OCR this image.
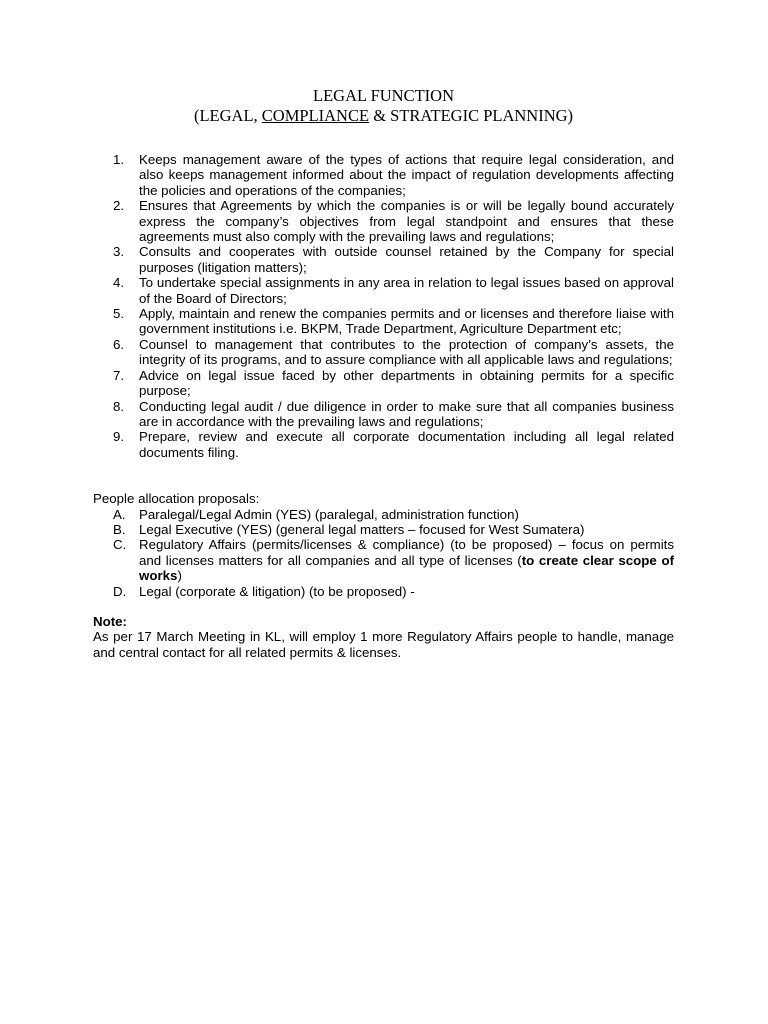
LEGAL FUNCTION
(LEGAL, COMPLIANCE & STRATEGIC PLANNING)

1.	Keeps management aware of the types of actions that require legal consideration, and also keeps management informed about the impact of regulation developments affecting the policies and operations of the companies;
2.	Ensures that Agreements by which the companies is or will be legally bound accurately express the company’s objectives from legal standpoint and ensures that these agreements must also comply with the prevailing laws and regulations;
3.	Consults and cooperates with outside counsel retained by the Company for special purposes (litigation matters);
4.	To undertake special assignments in any area in relation to legal issues based on approval of the Board of Directors;
5.	Apply, maintain and renew the companies permits and or licenses and therefore liaise with government institutions i.e. BKPM, Trade Department, Agriculture Department etc;
6.	Counsel to management that contributes to the protection of company’s assets, the integrity of its programs, and to assure compliance with all applicable laws and regulations;
7.	Advice on legal issue faced by other departments in obtaining permits for a specific purpose;
8.	Conducting legal audit / due diligence in order to make sure that all companies business are in accordance with the prevailing laws and regulations;
9.	Prepare, review and execute all corporate documentation including all legal related documents filing.
People allocation proposals:
A.	Paralegal/Legal Admin (YES) (paralegal, administration function)
B.	Legal Executive (YES) (general legal matters – focused for West Sumatera)
C. Regulatory Affairs (permits/licenses & compliance) (to be proposed) – focus on permits and licenses matters for all companies and all type of licenses (to create clear scope of works)
D. Legal (corporate & litigation) (to be proposed) -
Note:
As per 17 March Meeting in KL, will employ 1 more Regulatory Affairs people to handle, manage and central contact for all related permits & licenses.
